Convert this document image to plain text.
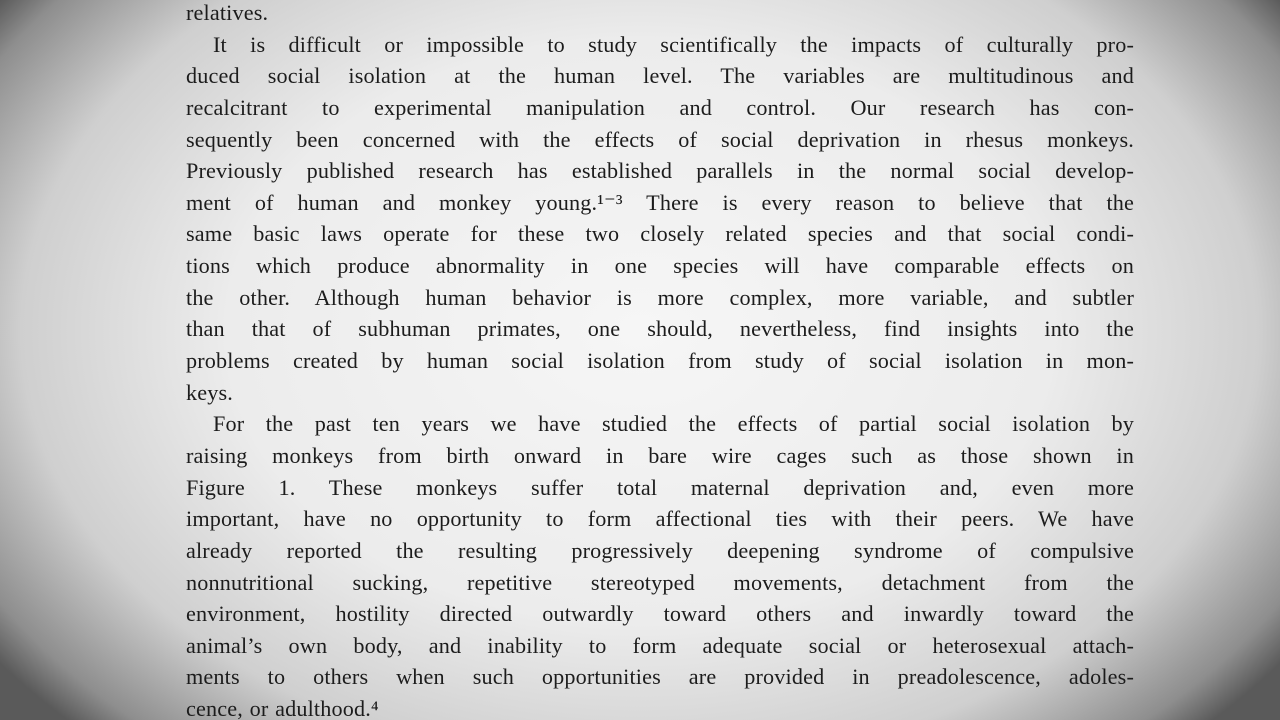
relatives.
It is difficult or impossible to study scientifically the impacts of culturally pro-
duced social isolation at the human level. The variables are multitudinous and
recalcitrant to experimental manipulation and control. Our research has con-
sequently been concerned with the effects of social deprivation in rhesus monkeys.
Previously published research has established parallels in the normal social develop-
ment of human and monkey young.¹⁻³ There is every reason to believe that the
same basic laws operate for these two closely related species and that social condi-
tions which produce abnormality in one species will have comparable effects on
the other. Although human behavior is more complex, more variable, and subtler
than that of subhuman primates, one should, nevertheless, find insights into the
problems created by human social isolation from study of social isolation in mon-
keys.
For the past ten years we have studied the effects of partial social isolation by
raising monkeys from birth onward in bare wire cages such as those shown in
Figure 1. These monkeys suffer total maternal deprivation and, even more
important, have no opportunity to form affectional ties with their peers. We have
already reported the resulting progressively deepening syndrome of compulsive
nonnutritional sucking, repetitive stereotyped movements, detachment from the
environment, hostility directed outwardly toward others and inwardly toward the
animal’s own body, and inability to form adequate social or heterosexual attach-
ments to others when such opportunities are provided in preadolescence, adoles-
cence, or adulthood.⁴
